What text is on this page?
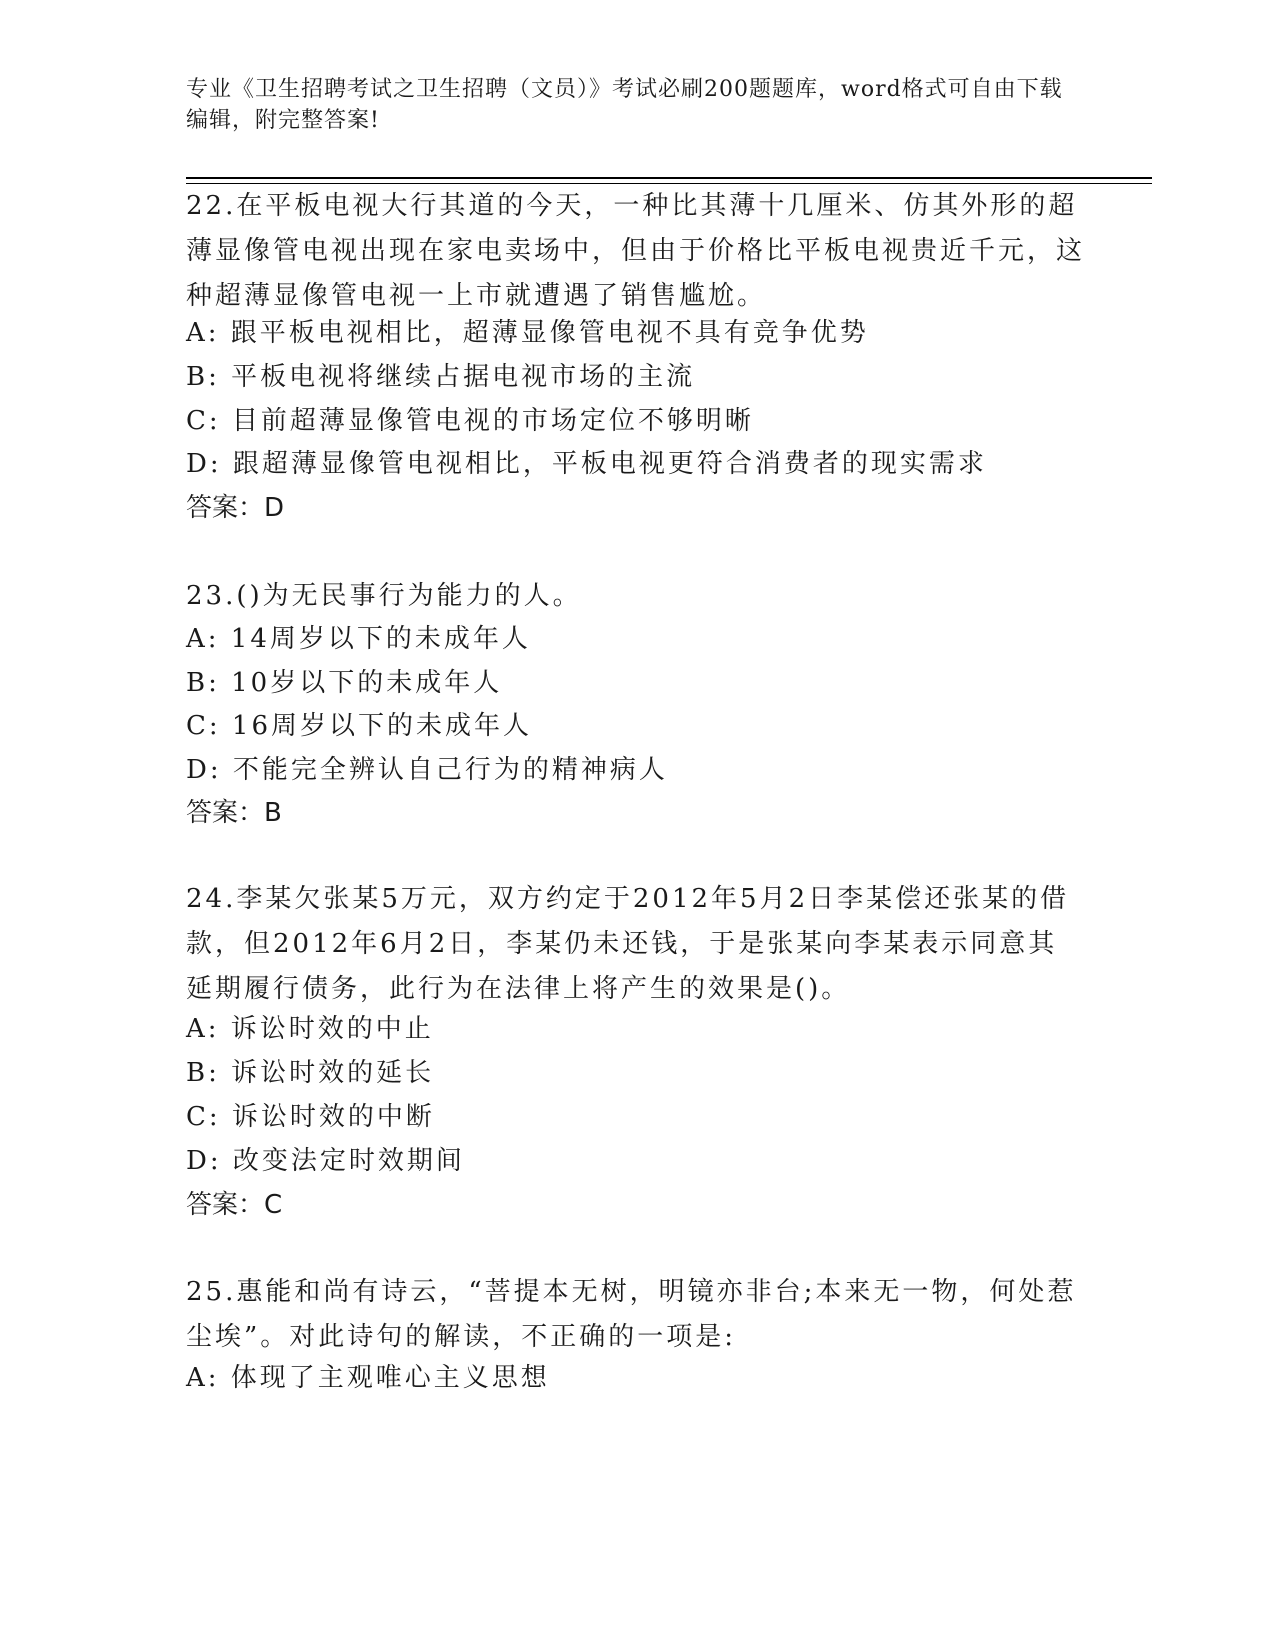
专业《卫生招聘考试之卫生招聘（文员）》考试必刷200题题库，word格式可自由下载编辑，附完整答案!
22.在平板电视大行其道的今天，一种比其薄十几厘米、仿其外形的超薄显像管电视出现在家电卖场中，但由于价格比平板电视贵近千元，这种超薄显像管电视一上市就遭遇了销售尴尬。
A: 跟平板电视相比，超薄显像管电视不具有竞争优势
B: 平板电视将继续占据电视市场的主流
C: 目前超薄显像管电视的市场定位不够明晰
D: 跟超薄显像管电视相比，平板电视更符合消费者的现实需求
答案：D
23.()为无民事行为能力的人。
A: 14周岁以下的未成年人
B: 10岁以下的未成年人
C: 16周岁以下的未成年人
D: 不能完全辨认自己行为的精神病人
答案：B
24.李某欠张某5万元，双方约定于2012年5月2日李某偿还张某的借款，但2012年6月2日，李某仍未还钱，于是张某向李某表示同意其延期履行债务，此行为在法律上将产生的效果是()。
A: 诉讼时效的中止
B: 诉讼时效的延长
C: 诉讼时效的中断
D: 改变法定时效期间
答案：C
25.惠能和尚有诗云，“菩提本无树，明镜亦非台;本来无一物，何处惹尘埃”。对此诗句的解读，不正确的一项是:
A: 体现了主观唯心主义思想
